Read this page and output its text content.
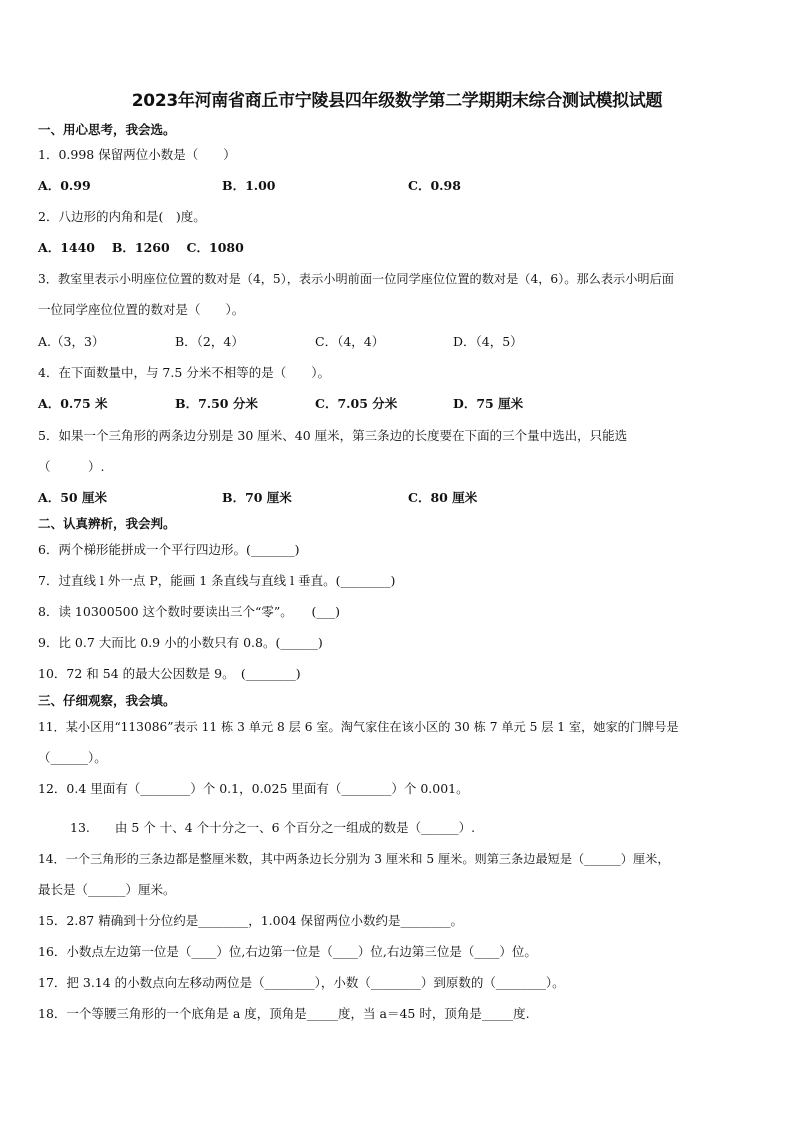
2023年河南省商丘市宁陵县四年级数学第二学期期末综合测试模拟试题
一、用心思考，我会选。
1．0.998 保留两位小数是（　　）
A．0.99	B．1.00	C．0.98
2．八边形的内角和是(　)度。
A．1440　 B．1260　 C．1080
3．教室里表示小明座位位置的数对是（4，5），表示小明前面一位同学座位位置的数对是（4，6）。那么表示小明后面
一位同学座位位置的数对是（　　）。
A.（3，3）	B．（2，4）	C．（4，4）	D．（4，5）
4．在下面数量中，与 7.5 分米不相等的是（　　）。
A．0.75 米	B．7.50 分米	C．7.05 分米	D．75 厘米
5．如果一个三角形的两条边分别是 30 厘米、40 厘米，第三条边的长度要在下面的三个量中选出，只能选
（　　　）.
A．50 厘米	B．70 厘米	C．80 厘米
二、认真辨析，我会判。
6．两个梯形能拼成一个平行四边形。(_______)
7．过直线 l 外一点 P，能画 1 条直线与直线 l 垂直。(________)
8．读 10300500 这个数时要读出三个“零”。　　(___)
9．比 0.7 大而比 0.9 小的小数只有 0.8。(______)
10．72 和 54 的最大公因数是 9。　(________)
三、仔细观察，我会填。
11．某小区用“113086”表示 11 栋 3 单元 8 层 6 室。淘气家住在该小区的 30 栋 7 单元 5 层 1 室，她家的门牌号是
（______）。
12．0.4 里面有（________）个 0.1，0.025 里面有（________）个 0.001。
13.　　由 5 个 十、4 个十分之一、6 个百分之一组成的数是（______）.
14．一个三角形的三条边都是整厘米数，其中两条边长分别为 3 厘米和 5 厘米。则第三条边最短是（______）厘米，
最长是（______）厘米。
15．2.87 精确到十分位约是________，1.004 保留两位小数约是________。
16．小数点左边第一位是（____）位,右边第一位是（____）位,右边第三位是（____）位。
17．把 3.14 的小数点向左移动两位是（________），小数（________）到原数的（________）。
18．一个等腰三角形的一个底角是 a 度，顶角是_____度，当 a＝45 时，顶角是_____度.
